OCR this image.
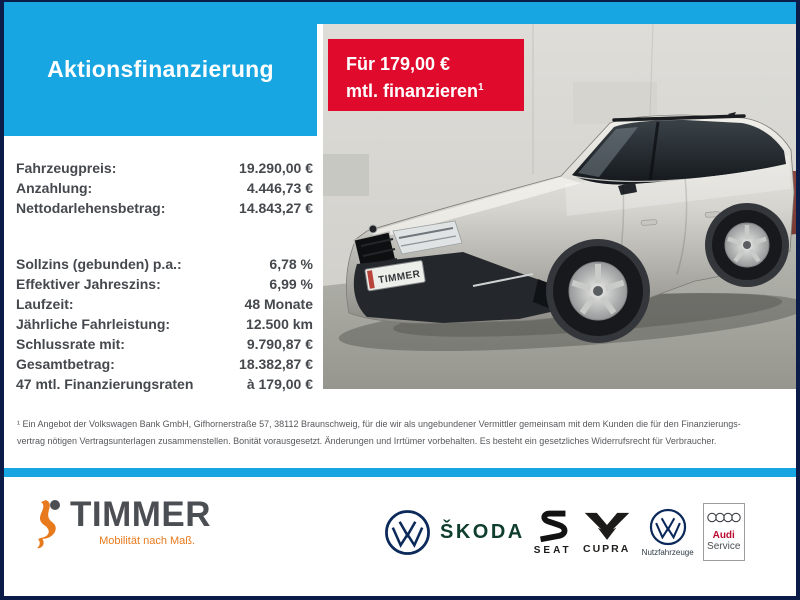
Aktionsfinanzierung
TIMMER
Für 179,00 €
mtl. finanzieren$^1$
Fahrzeugpreis:	19.290,00 €
Anzahlung:	4.446,73 €
Nettodarlehensbetrag:	14.843,27 €
Sollzins (gebunden) p.a.:	6,78 %
Effektiver Jahreszins:	6,99 %
Laufzeit:	48 Monate
Jährliche Fahrleistung:	12.500 km
Schlussrate mit:	9.790,87 €
Gesamtbetrag:	18.382,87 €
47 mtl. Finanzierungsraten	à 179,00 €
¹ Ein Angebot der Volkswagen Bank GmbH, Gifhornerstraße 57, 38112 Braunschweig, für die wir als ungebundener Vermittler gemeinsam mit dem Kunden die für den Finanzierungs-
vertrag nötigen Vertragsunterlagen zusammenstellen. Bonität vorausgesetzt. Änderungen und Irrtümer vorbehalten. Es besteht ein gesetzliches Widerrufsrecht für Verbraucher.
TIMMER
Mobilität nach Maß.	ŠKODA
SEAT CUPRA Nutzfahrzeuge
Audi
Service
